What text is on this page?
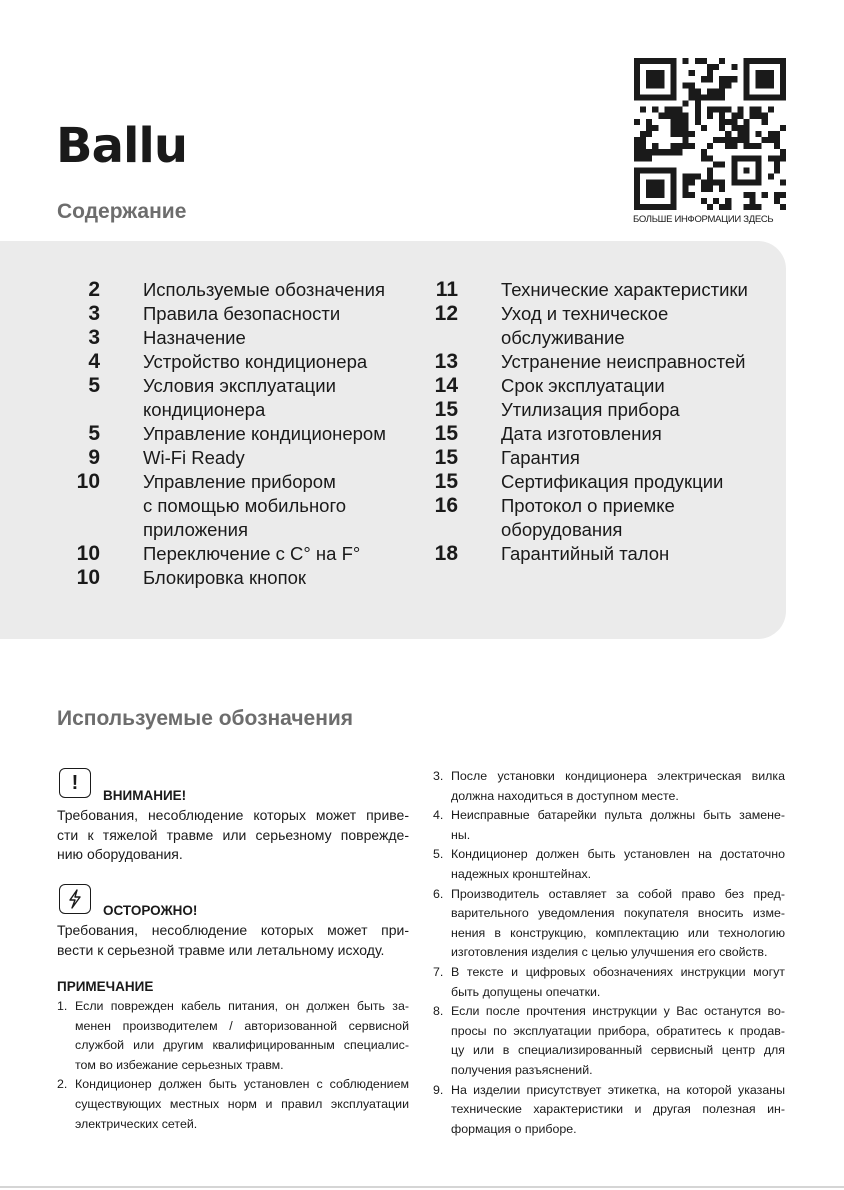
Ballu
Содержание	БОЛЬШЕ ИНФОРМАЦИИ ЗДЕСЬ
2 Используемые обозначения
3 Правила безопасности
3 Назначение
4 Устройство кондиционера
5 Условия эксплуатации
кондиционера
5 Управление кондиционером
9 Wi-Fi Ready
10 Управление прибором
с помощью мобильного
приложения
10 Переключение с C° на F°
10 Блокировка кнопок
11 Технические характеристики
12 Уход и техническое
обслуживание
13 Устранение неисправностей
14 Срок эксплуатации
15 Утилизация прибора
15 Дата изготовления
15 Гарантия
15 Сертификация продукции
16 Протокол о приемке
оборудования
18 Гарантийный талон
Используемые обозначения
!
ВНИМАНИЕ!
Требования, несоблюдение которых может приве-
сти к тяжелой травме или серьезному поврежде-
нию оборудования.
ОСТОРОЖНО!
Требования, несоблюдение которых может при-
вести к серьезной травме или летальному исходу.
ПРИМЕЧАНИЕ
1. Если поврежден кабель питания, он должен быть за-
менен производителем / авторизованной сервисной
службой или другим квалифицированным специалис-
том во избежание серьезных травм.
2. Кондиционер должен быть установлен с соблюдением
существующих местных норм и правил эксплуатации
электрических сетей.
3. После установки кондиционера электрическая вилка
должна находиться в доступном месте.
4. Неисправные батарейки пульта должны быть замене-
ны.
5. Кондиционер должен быть установлен на достаточно
надежных кронштейнах.
6. Производитель оставляет за собой право без пред-
варительного уведомления покупателя вносить изме-
нения в конструкцию, комплектацию или технологию
изготовления изделия с целью улучшения его свойств.
7. В тексте и цифровых обозначениях инструкции могут
быть допущены опечатки.
8. Если после прочтения инструкции у Вас останутся во-
просы по эксплуатации прибора, обратитесь к продав-
цу или в специализированный сервисный центр для
получения разъяснений.
9. На изделии присутствует этикетка, на которой указаны
технические характеристики и другая полезная ин-
формация о приборе.
